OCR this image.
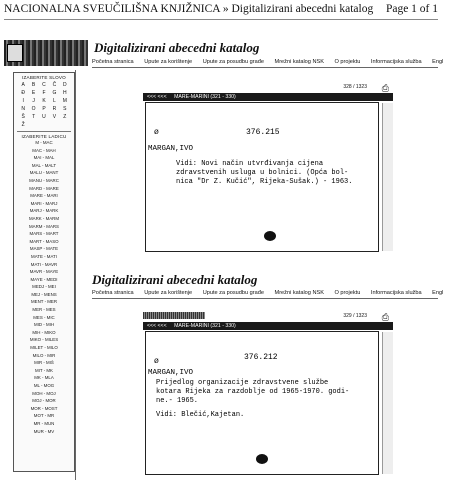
NACIONALNA SVEUČILIŠNA KNJIŽNICA » Digitalizirani abecedni katalog Page 1 of 1
Digitalizirani abecedni katalog
Početna stranica Upute za korištenje Upute za posudbu građe Mrežni katalog NSK O projektu Informacijska služba Engl
IZABERITE SLOVO
A	B	C	Č	D
Đ	E	F	G	H
I	J	K	L	M
N	O	P	R	S
Š	T	U	V	Z
Ž
IZABERITE LADICU
M - MAC
MAC - MAH
MAI - MAL
MAL - MALT
MALU - MANT
MANU - MARC
MARD - MARE
MARE - MARI
MARI - MARJ
MARJ - MARK
MARK - MARM
MARM - MARS
MARS - MART
MART - MASO
MASP - MATE
MATE - MATI
MATI - MAVR
MAVR - MAYE
MAYE - MEDI
MEDJ - MEI
MEJ - MENS
MENT - MER
MER - MES
MES - MIC
MID - MIH
MIH - MIKO
MIKO - MILES
MILET - MILO
MILO - MIR
MIR - MIŠ
MIT - MK
MK - MLA
ML - MOG
MOH - MOJ
MOJ - MOR
MOR - MOST
MOT - MR
MR - MUN
MUR - MV
328 / 1323 ⎙
<<< <<< MARE-MARINI (321 - 330)
ø	376.215
MARGAN,IVO
Vidi: Novi način utvrđivanja cijena
zdravstvenih usluga u bolnici. (Opća bol-
nica "Dr Z. Kučić", Rijeka-Sušak.) - 1963.
Digitalizirani abecedni katalog
Početna stranica Upute za korištenje Upute za posudbu građe Mrežni katalog NSK O projektu Informacijska služba Engl
329 / 1323 ⎙
<<< <<< MARE-MARINI (321 - 330)
ø	376.212
MARGAN,IVO
Prijedlog organizacije zdravstvene službe
kotara Rijeka za razdoblje od 1965-1970. godi-
ne.- 1965.
Vidi: Blečić,Kajetan.
